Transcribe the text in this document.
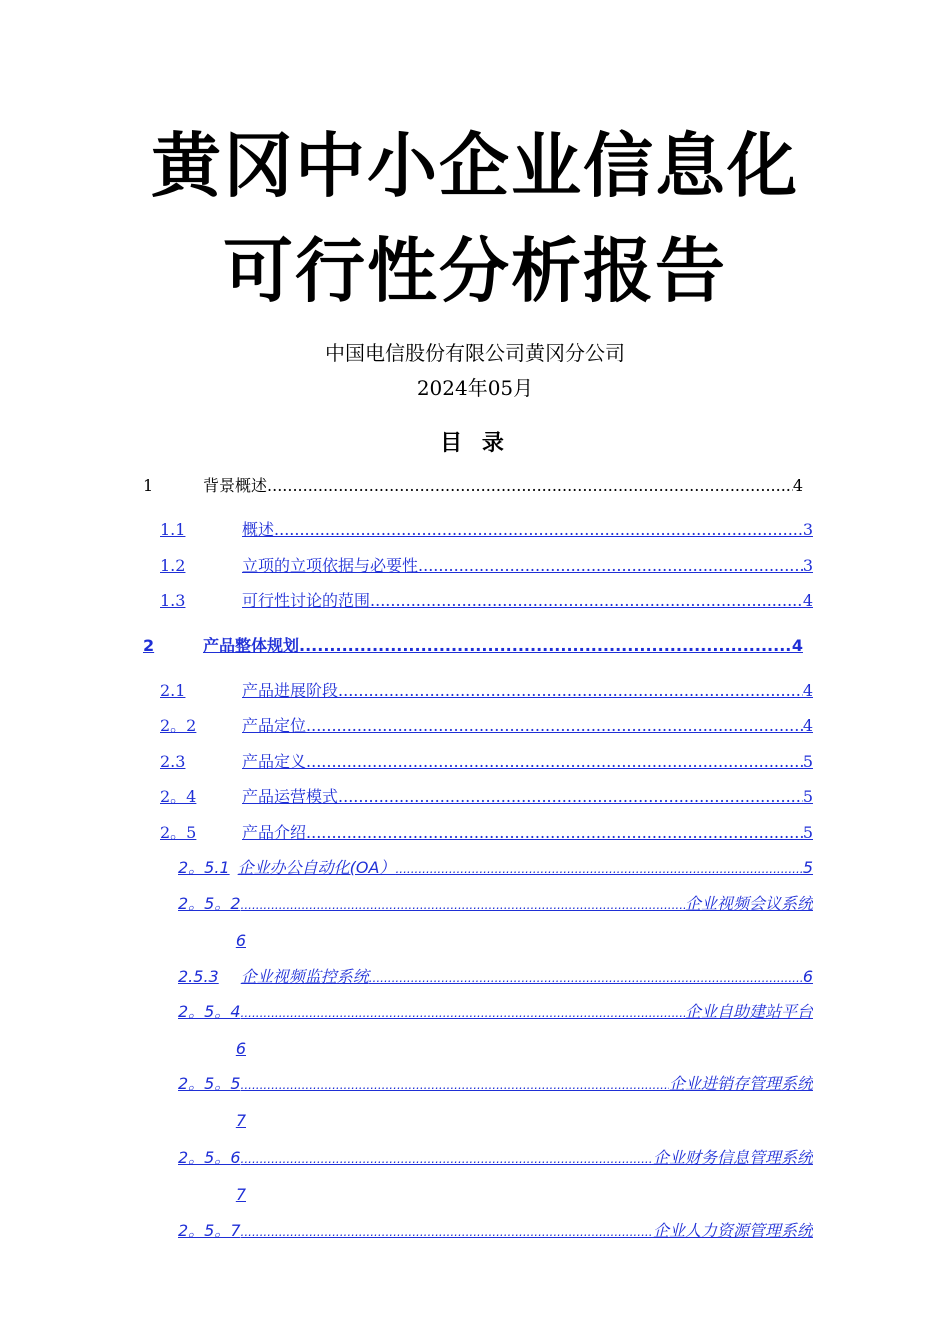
黄冈中小企业信息化
可行性分析报告
中国电信股份有限公司黄冈分公司
2024年05月
目 录
1	背景概述 .....	4
1.1	概述 .....	3
1.2	立项的立项依据与必要性 .....	3
1.3	可行性讨论的范围 .....	4
2	产品整体规划 .....	4
2.1	产品进展阶段 .....	4
2。2	产品定位 .....	4
2.3	产品定义 .....	5
2。4	产品运营模式 .....	5
2。5	产品介绍 .....	5
2。5.1 企业办公自动化(OA） .....	5
2。5。2 .....	企业视频会议系统
6
2.5.3 企业视频监控系统 .....	6
2。5。4 .....	企业自助建站平台
6
2。5。5 .....	企业进销存管理系统
7
2。5。6 .....	企业财务信息管理系统
7
2。5。7 .....	企业人力资源管理系统
